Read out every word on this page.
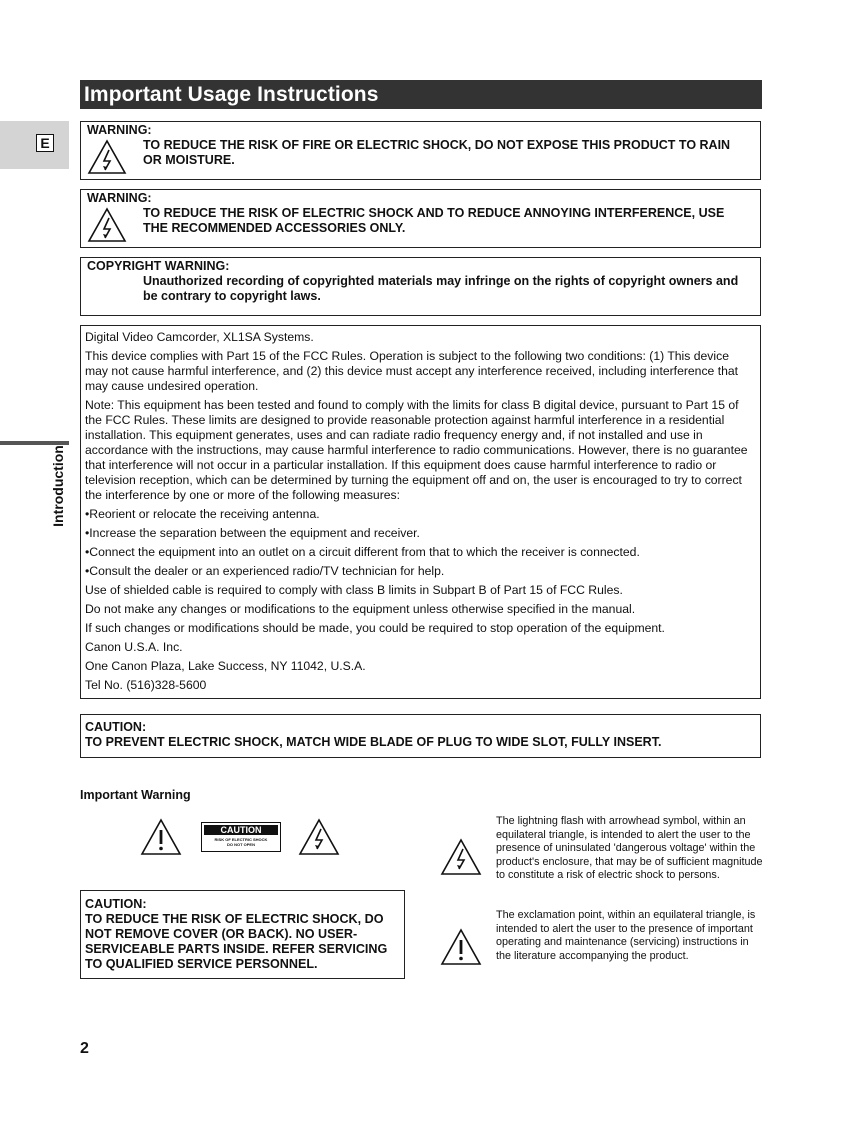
Important Usage Instructions
E
Introduction
WARNING:
TO REDUCE THE RISK OF FIRE OR ELECTRIC SHOCK, DO NOT EXPOSE THIS PRODUCT TO RAIN OR MOISTURE.
WARNING:
TO REDUCE THE RISK OF ELECTRIC SHOCK AND TO REDUCE ANNOYING INTERFERENCE, USE THE RECOMMENDED ACCESSORIES ONLY.
COPYRIGHT WARNING:
Unauthorized recording of copyrighted materials may infringe on the rights of copyright owners and be contrary to copyright laws.

Digital Video Camcorder, XL1SA Systems.

This device complies with Part 15 of the FCC Rules. Operation is subject to the following two conditions: (1) This device may not cause harmful interference, and (2) this device must accept any interference received, including interference that may cause undesired operation.

Note: This equipment has been tested and found to comply with the limits for class B digital device, pursuant to Part 15 of the FCC Rules. These limits are designed to provide reasonable protection against harmful interference in a residential installation. This equipment generates, uses and can radiate radio frequency energy and, if not installed and use in accordance with the instructions, may cause harmful interference to radio communications. However, there is no guarantee that interference will not occur in a particular installation. If this equipment does cause harmful interference to radio or television reception, which can be determined by turning the equipment off and on, the user is encouraged to try to correct the interference by one or more of the following measures:

• Reorient or relocate the receiving antenna.
• Increase the separation between the equipment and receiver.
• Connect the equipment into an outlet on a circuit different from that to which the receiver is connected.
• Consult the dealer or an experienced radio/TV technician for help.

Use of shielded cable is required to comply with class B limits in Subpart B of Part 15 of FCC Rules.

Do not make any changes or modifications to the equipment unless otherwise specified in the manual.

If such changes or modifications should be made, you could be required to stop operation of the equipment.

Canon U.S.A. Inc.

One Canon Plaza, Lake Success, NY 11042, U.S.A.

Tel No. (516)328-5600

CAUTION:
TO PREVENT ELECTRIC SHOCK, MATCH WIDE BLADE OF PLUG TO WIDE SLOT, FULLY INSERT.
Important Warning
CAUTION
RISK OF ELECTRIC SHOCK
DO NOT OPEN
CAUTION:
TO REDUCE THE RISK OF ELECTRIC SHOCK, DO NOT REMOVE COVER (OR BACK). NO USER-SERVICEABLE PARTS INSIDE. REFER SERVICING TO QUALIFIED SERVICE PERSONNEL.
The lightning flash with arrowhead symbol, within an equilateral triangle, is intended to alert the user to the presence of uninsulated 'dangerous voltage' within the product's enclosure, that may be of sufficient magnitude to constitute a risk of electric shock to persons.
The exclamation point, within an equilateral triangle, is intended to alert the user to the presence of important operating and maintenance (servicing) instructions in the literature accompanying the product.
2
